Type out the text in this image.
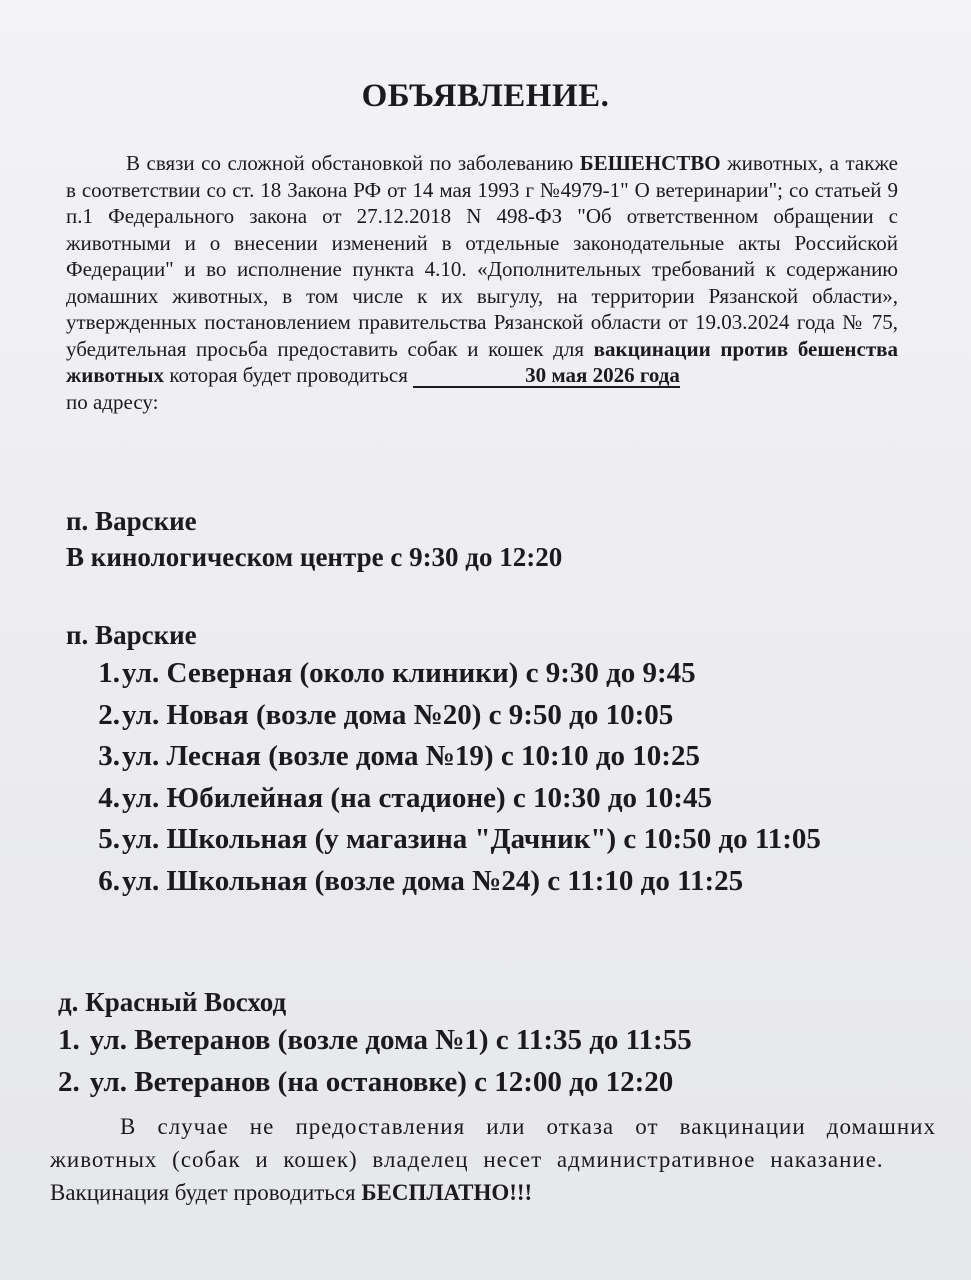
ОБЪЯВЛЕНИЕ.

В связи со сложной обстановкой по заболеванию БЕШЕНСТВО животных, а также в соответствии со ст. 18 Закона РФ от 14 мая 1993 г №4979-1" О ветеринарии"; со статьей 9 п.1 Федерального закона от 27.12.2018 N 498-ФЗ "Об ответственном обращении с животными и о внесении изменений в отдельные законодательные акты Российской Федерации" и во исполнение пункта 4.10. «Дополнительных требований к содержанию домашних животных, в том числе к их выгулу, на территории Рязанской области», утвержденных постановлением правительства Рязанской области от 19.03.2024 года № 75, убедительная просьба предоставить собак и кошек для вакцинации против бешенства животных которая будет проводиться	30 мая 2026 года
по адресу:

п. Варские
В кинологическом центре с 9:30 до 12:20
п. Варские
1. ул. Северная (около клиники) с 9:30 до 9:45
2. ул. Новая (возле дома №20) с 9:50 до 10:05
3. ул. Лесная (возле дома №19) с 10:10 до 10:25
4. ул. Юбилейная (на стадионе) с 10:30 до 10:45
5. ул. Школьная (у магазина "Дачник") с 10:50 до 11:05
6. ул. Школьная (возле дома №24) с 11:10 до 11:25
д. Красный Восход
1. ул. Ветеранов (возле дома №1) с 11:35 до 11:55
2. ул. Ветеранов (на остановке) с 12:00 до 12:20

В случае не предоставления или отказа от вакцинации домашних животных (собак и кошек) владелец несет административное наказание.

Вакцинация будет проводиться БЕСПЛАТНО!!!
